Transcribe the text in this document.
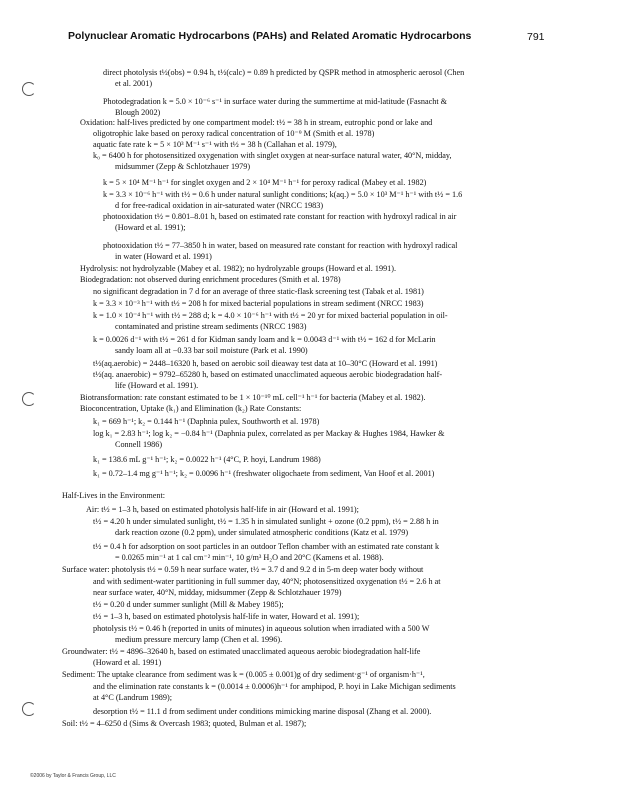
Polynuclear Aromatic Hydrocarbons (PAHs) and Related Aromatic Hydrocarbons	791
direct photolysis t½(obs) = 0.94 h, t½(calc) = 0.89 h predicted by QSPR method in atmospheric aerosol (Chen
et al. 2001)
Photodegradation k = 5.0 × 10⁻⁶ s⁻¹ in surface water during the summertime at mid-latitude (Fasnacht &
Blough 2002)
Oxidation: half-lives predicted by one compartment model: t½ = 38 h in stream, eutrophic pond or lake and
oligotrophic lake based on peroxy radical concentration of 10⁻⁹ M (Smith et al. 1978)
aquatic fate rate k = 5 × 10³ M⁻¹ s⁻¹ with t½ = 38 h (Callahan et al. 1979),
k₀ = 6400 h for photosensitized oxygenation with singlet oxygen at near-surface natural water, 40°N, midday,
midsummer (Zepp & Schlotzhauer 1979)
k = 5 × 10⁴ M⁻¹ h⁻¹ for singlet oxygen and 2 × 10⁴ M⁻¹ h⁻¹ for peroxy radical (Mabey et al. 1982)
k = 3.3 × 10⁻⁶ h⁻¹ with t½ = 0.6 h under natural sunlight conditions; k(aq.) = 5.0 × 10³ M⁻¹ h⁻¹ with t½ = 1.6
d for free-radical oxidation in air-saturated water (NRCC 1983)
photooxidation t½ = 0.801–8.01 h, based on estimated rate constant for reaction with hydroxyl radical in air
(Howard et al. 1991);
photooxidation t½ = 77–3850 h in water, based on measured rate constant for reaction with hydroxyl radical
in water (Howard et al. 1991)
Hydrolysis: not hydrolyzable (Mabey et al. 1982); no hydrolyzable groups (Howard et al. 1991).
Biodegradation: not observed during enrichment procedures (Smith et al. 1978)
no significant degradation in 7 d for an average of three static-flask screening test (Tabak et al. 1981)
k = 3.3 × 10⁻³ h⁻¹ with t½ = 208 h for mixed bacterial populations in stream sediment (NRCC 1983)
k = 1.0 × 10⁻⁴ h⁻¹ with t½ = 288 d; k = 4.0 × 10⁻⁶ h⁻¹ with t½ = 20 yr for mixed bacterial population in oil-
contaminated and pristine stream sediments (NRCC 1983)
k = 0.0026 d⁻¹ with t½ = 261 d for Kidman sandy loam and k = 0.0043 d⁻¹ with t½ = 162 d for McLarin
sandy loam all at −0.33 bar soil moisture (Park et al. 1990)
t½(aq.aerobic) = 2448–16320 h, based on aerobic soil dieaway test data at 10–30°C (Howard et al. 1991)
t½(aq. anaerobic) = 9792–65280 h, based on estimated unacclimated aqueous aerobic biodegradation half-
life (Howard et al. 1991).
Biotransformation: rate constant estimated to be 1 × 10⁻¹⁰ mL cell⁻¹ h⁻¹ for bacteria (Mabey et al. 1982).
Bioconcentration, Uptake (k₁) and Elimination (k₂) Rate Constants:
k₁ = 669 h⁻¹; k₂ = 0.144 h⁻¹ (Daphnia pulex, Southworth et al. 1978)
log k₁ = 2.83 h⁻¹; log k₂ = −0.84 h⁻¹ (Daphnia pulex, correlated as per Mackay & Hughes 1984, Hawker &
Connell 1986)
k₁ = 138.6 mL g⁻¹ h⁻¹; k₂ = 0.0022 h⁻¹ (4°C, P. hoyi, Landrum 1988)
k₁ = 0.72–1.4 mg g⁻¹ h⁻¹; k₂ = 0.0096 h⁻¹ (freshwater oligochaete from sediment, Van Hoof et al. 2001)
Half-Lives in the Environment:
Air: t½ = 1–3 h, based on estimated photolysis half-life in air (Howard et al. 1991);
t½ = 4.20 h under simulated sunlight, t½ = 1.35 h in simulated sunlight + ozone (0.2 ppm), t½ = 2.88 h in
dark reaction ozone (0.2 ppm), under simulated atmospheric conditions (Katz et al. 1979)
t½ = 0.4 h for adsorption on soot particles in an outdoor Teflon chamber with an estimated rate constant k
= 0.0265 min⁻¹ at 1 cal cm⁻² min⁻¹, 10 g/m³ H₂O and 20°C (Kamens et al. 1988).
Surface water: photolysis t½ = 0.59 h near surface water, t½ = 3.7 d and 9.2 d in 5-m deep water body without
and with sediment-water partitioning in full summer day, 40°N; photosensitized oxygenation t½ = 2.6 h at
near surface water, 40°N, midday, midsummer (Zepp & Schlotzhauer 1979)
t½ = 0.20 d under summer sunlight (Mill & Mabey 1985);
t½ = 1–3 h, based on estimated photolysis half-life in water, Howard et al. 1991);
photolysis t½ = 0.46 h (reported in units of minutes) in aqueous solution when irradiated with a 500 W
medium pressure mercury lamp (Chen et al. 1996).
Groundwater: t½ = 4896–32640 h, based on estimated unacclimated aqueous aerobic biodegradation half-life
(Howard et al. 1991)
Sediment: The uptake clearance from sediment was k = (0.005 ± 0.001)g of dry sediment·g⁻¹ of organism·h⁻¹,
and the elimination rate constants k = (0.0014 ± 0.0006)h⁻¹ for amphipod, P. hoyi in Lake Michigan sediments
at 4°C (Landrum 1989);
desorption t½ = 11.1 d from sediment under conditions mimicking marine disposal (Zhang et al. 2000).
Soil: t½ = 4–6250 d (Sims & Overcash 1983; quoted, Bulman et al. 1987);
©2006 by Taylor & Francis Group, LLC
